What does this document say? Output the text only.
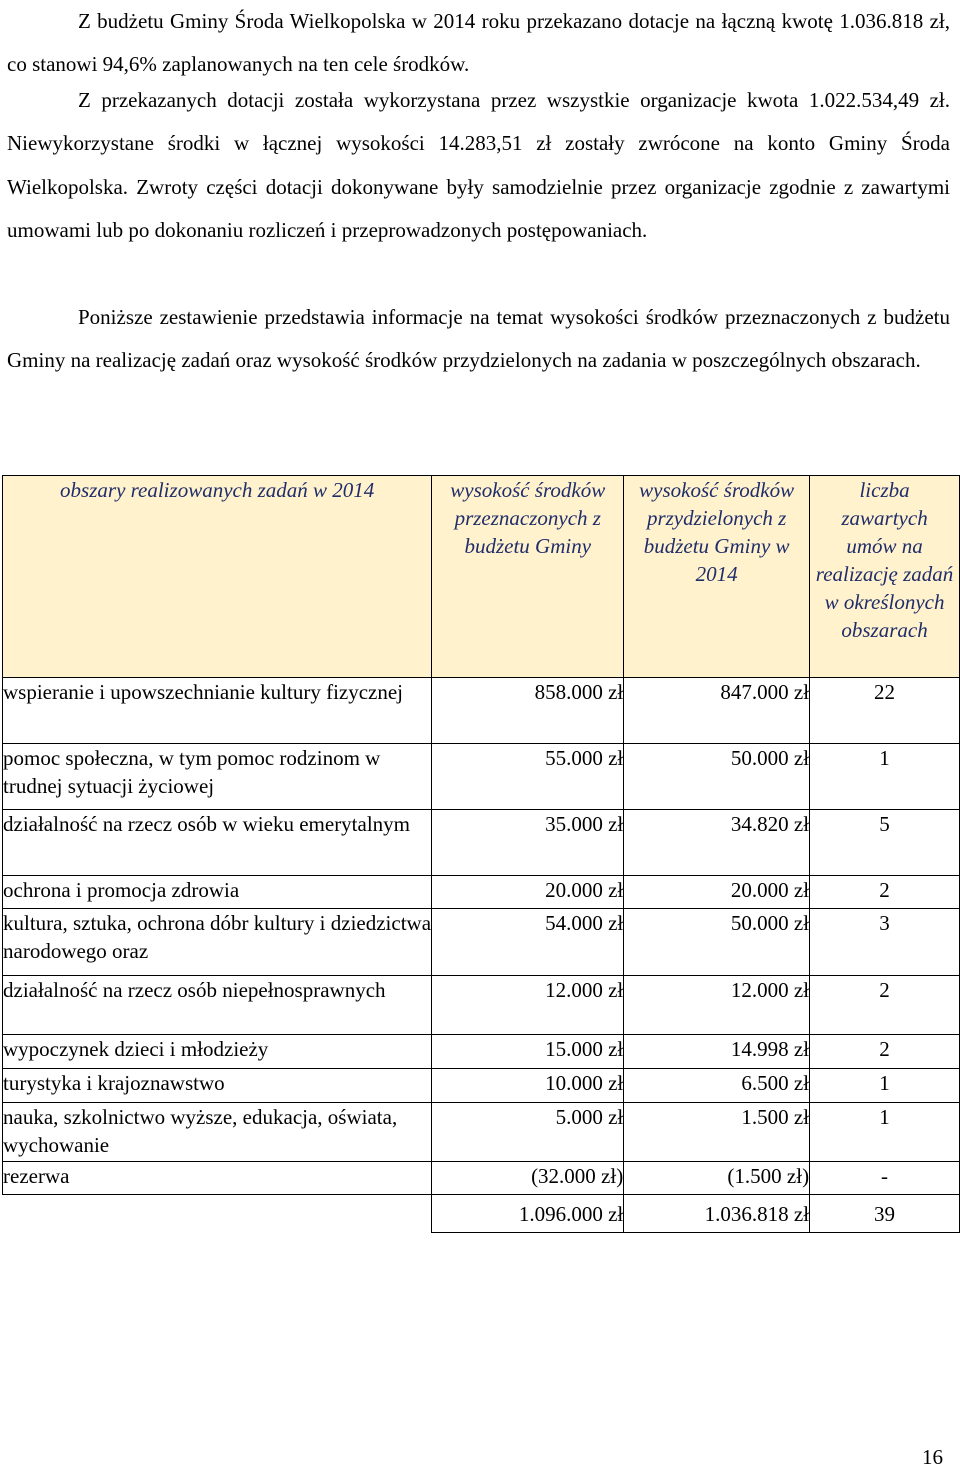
Z budżetu Gminy Środa Wielkopolska w 2014 roku przekazano dotacje na łączną kwotę 1.036.818 zł, co stanowi 94,6% zaplanowanych na ten cele środków.

Z przekazanych dotacji została wykorzystana przez wszystkie organizacje kwota 1.022.534,49 zł. Niewykorzystane środki w łącznej wysokości 14.283,51 zł zostały zwrócone na konto Gminy Środa Wielkopolska. Zwroty części dotacji dokonywane były samodzielnie przez organizacje zgodnie z zawartymi umowami lub po dokonaniu rozliczeń i przeprowadzonych postępowaniach.

Poniższe zestawienie przedstawia informacje na temat wysokości środków przeznaczonych z budżetu Gminy na realizację zadań oraz wysokość środków przydzielonych na zadania w poszczególnych obszarach.

obszary realizowanych zadań w 2014	wysokość środków przeznaczonych z budżetu Gminy	wysokość środków przydzielonych z budżetu Gminy w 2014	liczba zawartych umów na realizację zadań w określonych obszarach

wspieranie i upowszechnianie kultury fizycznej	858.000 zł	847.000 zł	22
pomoc społeczna, w tym pomoc rodzinom w trudnej sytuacji życiowej	55.000 zł	50.000 zł	1
działalność na rzecz osób w wieku emerytalnym	35.000 zł	34.820 zł	5
ochrona i promocja zdrowia	20.000 zł	20.000 zł	2
kultura, sztuka, ochrona dóbr kultury i dziedzictwa narodowego oraz	54.000 zł	50.000 zł	3
działalność na rzecz osób niepełnosprawnych	12.000 zł	12.000 zł	2
wypoczynek dzieci i młodzieży	15.000 zł	14.998 zł	2
turystyka i krajoznawstwo	10.000 zł	6.500 zł	1
nauka, szkolnictwo wyższe, edukacja, oświata, wychowanie	5.000 zł	1.500 zł	1
rezerwa	(32.000 zł)	(1.500 zł)	-
	1.096.000 zł	1.036.818 zł	39
16
